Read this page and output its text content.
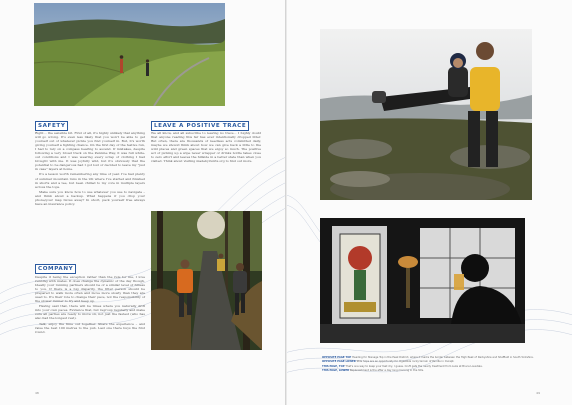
SAFETY

Right... the sensible bit. First of all, it's highly unlikely that anything will go wrong. It's even less likely that you won't be able to get yourself out of whatever pickle you find yourself in. But, it's worth giving yourself a fighting chance. On the first day of the festive run, I had to rely on a compass bearing to ascend. If mistakes, despite following a very broad track on the Pennine Way, it was full white-out conditions and I was wearing every scrap of clothing I had brought with me. It was joyfully wild, but it's obviously that the potential to be dangerous had I got lost or decided to leave my "just in case" layers at home.

It's a lesson worth remembering any time of year. I've had plenty of summer mountain runs in the UK where I've started and finished in shorts and a tee, but been chilled to my core in multiple layers across the tops.

Make sure you know how to use whatever you use to navigate – and think about a backup. What happens if you drop your phone/your map blows away? In short, pack yourself free always have an insurance policy.

COMPANY

Despite it being the exception rather than the rule for me, I love running with mates. It does change the dynamic of the day though. Ideally your running partners should be of a similar level of fitness to you. If there is a big disparity, the fitter person should be prepared to walk more often and move more slowly than they are used to. It's their role to change their pace, not the responsibility of the slower runner to try and keep up.

Having said that, there will be times where you naturally drift into your own paces. Evidence that, but regroup regularly and make sure all parties are ready to move on, not just the fastest (who has also had the longest rest).

Talk, enjoy the time out together. Share the experience – and raise the best 100 metres to the pub. Last one there buys the first round.

LEAVE A POSITIVE TRACE

We all know, and all subscribe to leaving no trace... I highly doubt that anyone reading this far has ever intentionally dropped litter. But often, there are thousands of needless acts committed daily, maybe we should think about how we can give back a little to the wild places and green spaces that we enjoy so much. The positive act of picking up a wipe never wrapper or drinks bottle takes close to zero effort and leaves the hillside in a better state than when you visited. Think about visiting madebyrunfix.org to find out more.

48	49
OPPOSITE PAGE TOP Heading for Stanage Top in the Peak District, where it marks the border between the High Peak of Derbyshire and Sheffield in South Yorkshire.
OPPOSITE PAGE LOWER Stile hops are an opportunity for digestible rocky terrain of Pendle in Ourapt.
THIS PAGE, TOP That's one way to keep your feet dry, I guess. Cruft gets the nearly treatment from Luke at Bruce Lousdale.
THIS PAGE, LOWER Replenishment is the after a day long morning in the hills.
